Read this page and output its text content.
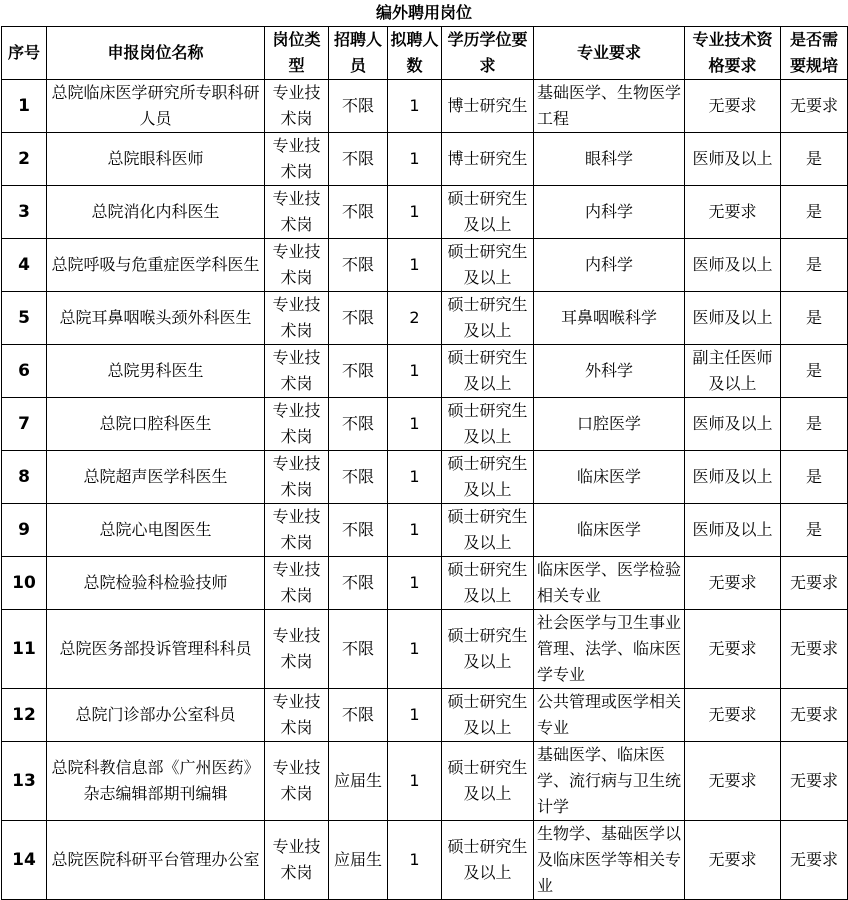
编外聘用岗位
序号	申报岗位名称	岗位类型	招聘人员	拟聘人数	学历学位要求	专业要求	专业技术资格要求	是否需要规培
1	总院临床医学研究所专职科研人员	专业技术岗	不限	1	博士研究生	基础医学、生物医学工程	无要求	无要求
2	总院眼科医师	专业技术岗	不限	1	博士研究生	眼科学	医师及以上	是
3	总院消化内科医生	专业技术岗	不限	1	硕士研究生及以上	内科学	无要求	是
4	总院呼吸与危重症医学科医生	专业技术岗	不限	1	硕士研究生及以上	内科学	医师及以上	是
5	总院耳鼻咽喉头颈外科医生	专业技术岗	不限	2	硕士研究生及以上	耳鼻咽喉科学	医师及以上	是
6	总院男科医生	专业技术岗	不限	1	硕士研究生及以上	外科学	副主任医师及以上	是
7	总院口腔科医生	专业技术岗	不限	1	硕士研究生及以上	口腔医学	医师及以上	是
8	总院超声医学科医生	专业技术岗	不限	1	硕士研究生及以上	临床医学	医师及以上	是
9	总院心电图医生	专业技术岗	不限	1	硕士研究生及以上	临床医学	医师及以上	是
10	总院检验科检验技师	专业技术岗	不限	1	硕士研究生及以上	临床医学、医学检验相关专业	无要求	无要求
11	总院医务部投诉管理科科员	专业技术岗	不限	1	硕士研究生及以上	社会医学与卫生事业管理、法学、临床医学专业	无要求	无要求
12	总院门诊部办公室科员	专业技术岗	不限	1	硕士研究生及以上	公共管理或医学相关专业	无要求	无要求
13	总院科教信息部《广州医药》杂志编辑部期刊编辑	专业技术岗	应届生	1	硕士研究生及以上	基础医学、临床医学、流行病与卫生统计学	无要求	无要求
14	总院医院科研平台管理办公室	专业技术岗	应届生	1	硕士研究生及以上	生物学、基础医学以及临床医学等相关专业	无要求	无要求
